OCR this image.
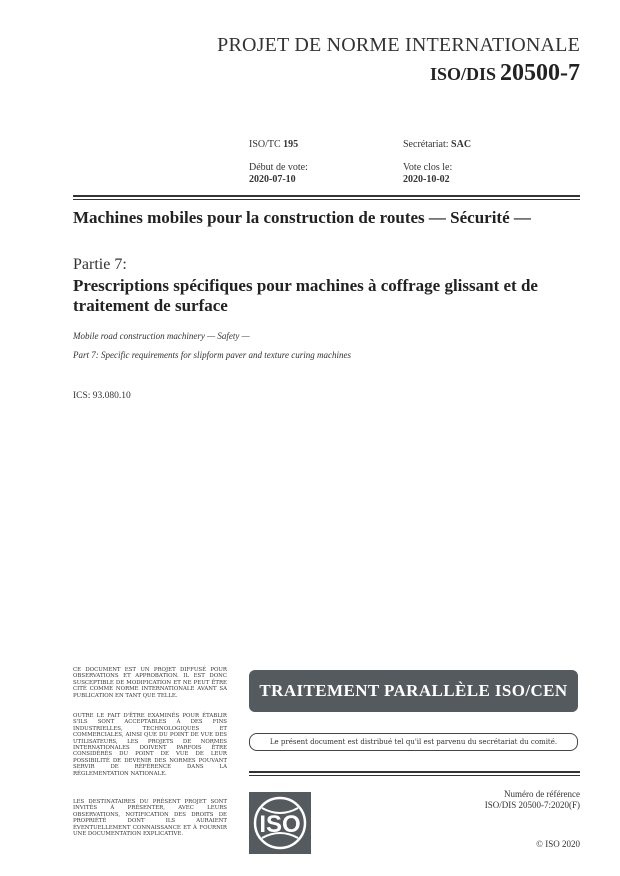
PROJET DE NORME INTERNATIONALE
ISO/DIS 20500-7
ISO/TC 195	Secrétariat: SAC
Début de vote:
2020-07-10
Vote clos le:
2020-10-02
Machines mobiles pour la construction de routes — Sécurité —
Partie 7:
Prescriptions spécifiques pour machines à coffrage glissant et de traitement de surface
Mobile road construction machinery — Safety —
Part 7: Specific requirements for slipform paver and texture curing machines
ICS: 93.080.10
CE DOCUMENT EST UN PROJET DIFFUSÉ POUR OBSERVATIONS ET APPROBATION. IL EST DONC SUSCEPTIBLE DE MODIFICATION ET NE PEUT ÊTRE CITÉ COMME NORME INTERNATIONALE AVANT SA PUBLICATION EN TANT QUE TELLE.
OUTRE LE FAIT D'ÊTRE EXAMINÉS POUR ÉTABLIR S'ILS SONT ACCEPTABLES À DES FINS INDUSTRIELLES, TECHNOLOGIQUES ET COMMERCIALES, AINSI QUE DU POINT DE VUE DES UTILISATEURS, LES PROJETS DE NORMES INTERNATIONALES DOIVENT PARFOIS ÊTRE CONSIDÉRÉS DU POINT DE VUE DE LEUR POSSIBILITÉ DE DEVENIR DES NORMES POUVANT SERVIR DE RÉFÉRENCE DANS LA RÉGLEMENTATION NATIONALE.
LES DESTINATAIRES DU PRÉSENT PROJET SONT INVITÉS À PRÉSENTER, AVEC LEURS OBSERVATIONS, NOTIFICATION DES DROITS DE PROPRIÉTÉ DONT ILS AURAIENT ÉVENTUELLEMENT CONNAISSANCE ET À FOURNIR UNE DOCUMENTATION EXPLICATIVE.
TRAITEMENT PARALLÈLE ISO/CEN
Le présent document est distribué tel qu'il est parvenu du secrétariat du comité.
ISO
Numéro de référence
ISO/DIS 20500-7:2020(F)
© ISO 2020
